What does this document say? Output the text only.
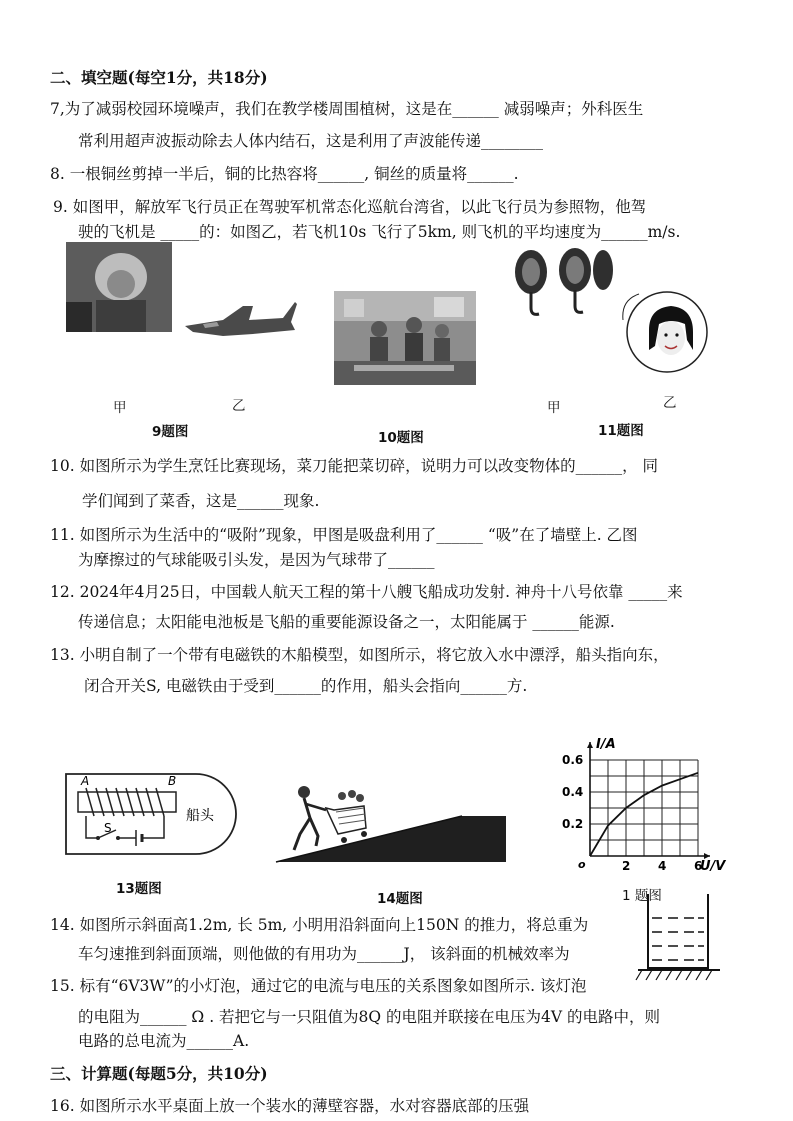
二、填空题(每空1分，共18分)
7,为了减弱校园环境噪声，我们在教学楼周围植树，这是在______ 减弱噪声；外科医生
常利用超声波振动除去人体内结石，这是利用了声波能传递________
8. 一根铜丝剪掉一半后，铜的比热容将______, 铜丝的质量将______.
9. 如图甲，解放军飞行员正在驾驶军机常态化巡航台湾省，以此飞行员为参照物，他驾
驶的飞机是 _____的：如图乙，若飞机10s 飞行了5km, 则飞机的平均速度为______m/s.
甲	乙
9题图	10题图
甲	乙
11题图
10. 如图所示为学生烹饪比赛现场，菜刀能把菜切碎，说明力可以改变物体的______， 同
学们闻到了菜香，这是______现象.
11. 如图所示为生活中的“吸附”现象，甲图是吸盘利用了______ “吸”在了墙壁上. 乙图
为摩擦过的气球能吸引头发，是因为气球带了______
12. 2024年4月25日，中国载人航天工程的第十八艘飞船成功发射. 神舟十八号依靠 _____来
传递信息；太阳能电池板是飞船的重要能源设备之一，太阳能属于 ______能源.
13. 小明自制了一个带有电磁铁的木船模型，如图所示，将它放入水中漂浮，船头指向东，
闭合开关S, 电磁铁由于受到______的作用，船头会指向______方.
A	B
S
船头
13题图
14题图
2 4 6
0.2
0.4
0.6
o	U/V
I/A
1 题图
14. 如图所示斜面高1.2m, 长 5m, 小明用沿斜面向上150N 的推力，将总重为
车匀速推到斜面顶端，则他做的有用功为______J， 该斜面的机械效率为
15. 标有“6V3W”的小灯泡，通过它的电流与电压的关系图象如图所示. 该灯泡
的电阻为______ Ω . 若把它与一只阻值为8Q 的电阻并联接在电压为4V 的电路中，则
电路的总电流为______A.
三、计算题(每题5分，共10分)
16. 如图所示水平桌面上放一个装水的薄壁容器，水对容器底部的压强
